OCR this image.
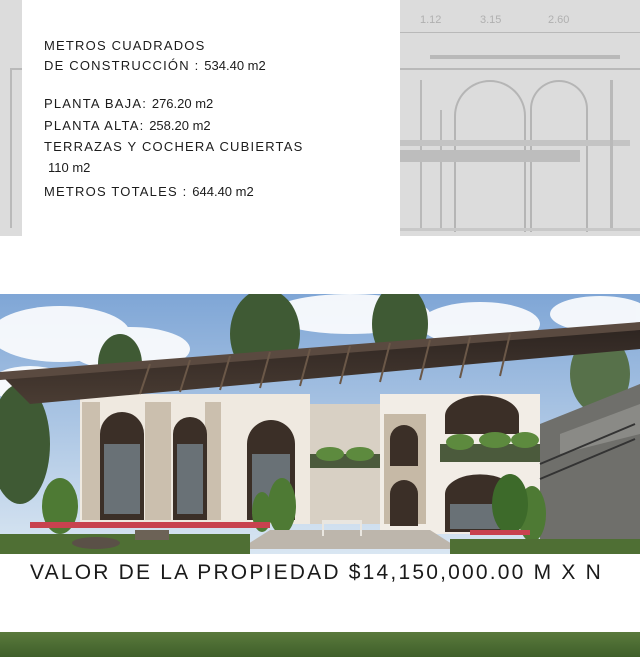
1.12	3.15	2.60
METROS CUADRADOS
DE CONSTRUCCIÓN : 534.40 m2
PLANTA BAJA: 276.20 m2
PLANTA ALTA: 258.20 m2
TERRAZAS Y COCHERA CUBIERTAS
110 m2
METROS TOTALES : 644.40 m2
VALOR DE LA PROPIEDAD $14,150,000.00 M X N
